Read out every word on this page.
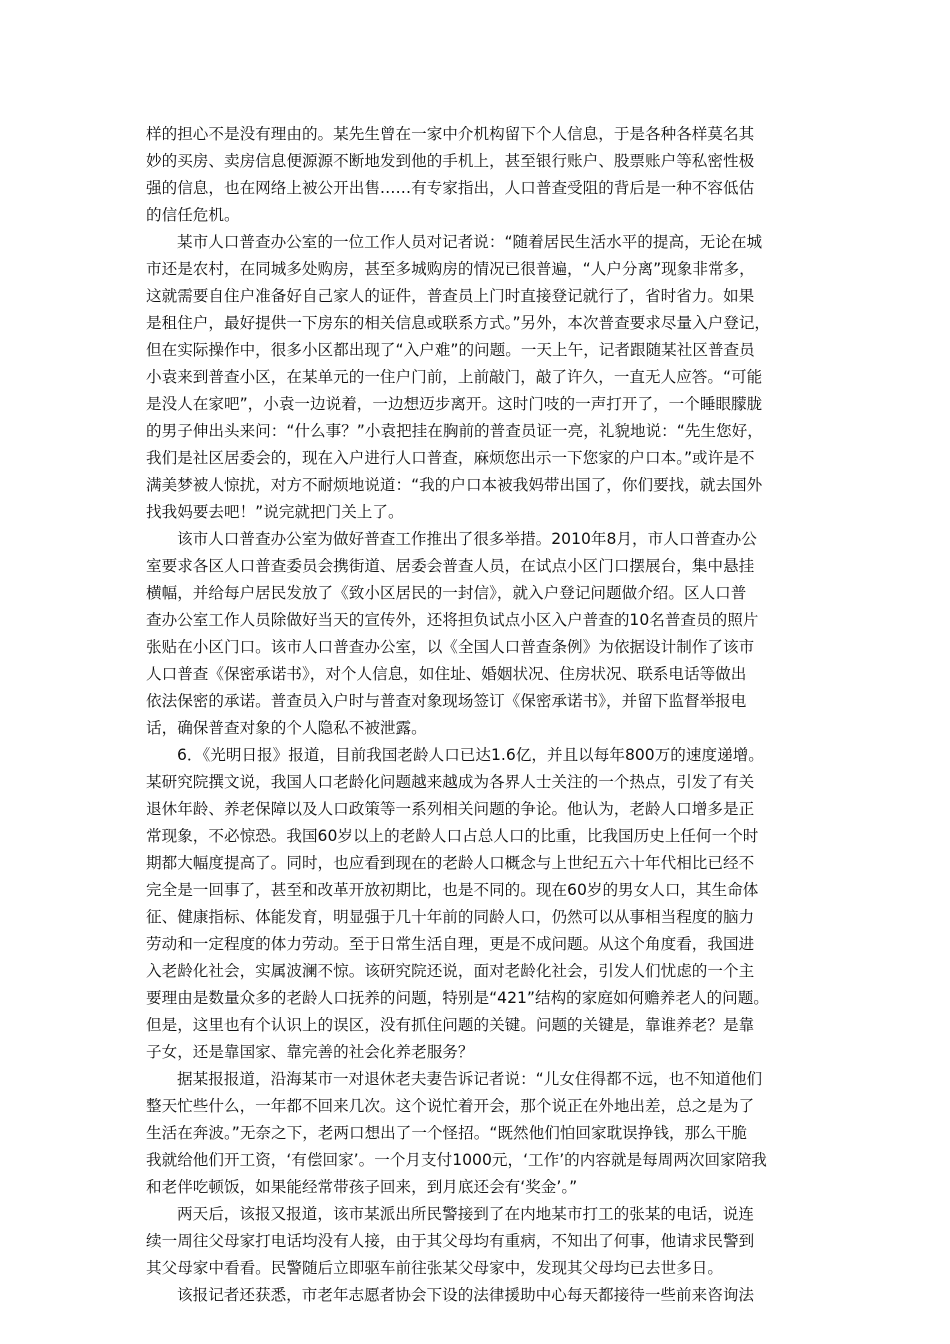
样的担心不是没有理由的。某先生曾在一家中介机构留下个人信息，于是各种各样莫名其
妙的买房、卖房信息便源源不断地发到他的手机上，甚至银行账户、股票账户等私密性极
强的信息，也在网络上被公开出售……有专家指出，人口普查受阻的背后是一种不容低估
的信任危机。
某市人口普查办公室的一位工作人员对记者说：“随着居民生活水平的提高，无论在城
市还是农村，在同城多处购房，甚至多城购房的情况已很普遍，“人户分离”现象非常多，
这就需要自住户准备好自己家人的证件，普查员上门时直接登记就行了，省时省力。如果
是租住户，最好提供一下房东的相关信息或联系方式。”另外，本次普查要求尽量入户登记，
但在实际操作中，很多小区都出现了“入户难”的问题。一天上午，记者跟随某社区普查员
小袁来到普查小区，在某单元的一住户门前，上前敲门，敲了许久，一直无人应答。“可能
是没人在家吧”，小袁一边说着，一边想迈步离开。这时门吱的一声打开了，一个睡眼朦胧
的男子伸出头来问：“什么事？”小袁把挂在胸前的普查员证一亮，礼貌地说：“先生您好，
我们是社区居委会的，现在入户进行人口普查，麻烦您出示一下您家的户口本。”或许是不
满美梦被人惊扰，对方不耐烦地说道：“我的户口本被我妈带出国了，你们要找，就去国外
找我妈要去吧！”说完就把门关上了。
该市人口普查办公室为做好普查工作推出了很多举措。2010年8月，市人口普查办公
室要求各区人口普查委员会携街道、居委会普查人员，在试点小区门口摆展台，集中悬挂
横幅，并给每户居民发放了《致小区居民的一封信》，就入户登记问题做介绍。区人口普
查办公室工作人员除做好当天的宣传外，还将担负试点小区入户普查的10名普查员的照片
张贴在小区门口。该市人口普查办公室，以《全国人口普查条例》为依据设计制作了该市
人口普查《保密承诺书》，对个人信息，如住址、婚姻状况、住房状况、联系电话等做出
依法保密的承诺。普查员入户时与普查对象现场签订《保密承诺书》，并留下监督举报电
话，确保普查对象的个人隐私不被泄露。
6．《光明日报》报道，目前我国老龄人口已达1.6亿，并且以每年800万的速度递增。
某研究院撰文说，我国人口老龄化问题越来越成为各界人士关注的一个热点，引发了有关
退休年龄、养老保障以及人口政策等一系列相关问题的争论。他认为，老龄人口增多是正
常现象，不必惊恐。我国60岁以上的老龄人口占总人口的比重，比我国历史上任何一个时
期都大幅度提高了。同时，也应看到现在的老龄人口概念与上世纪五六十年代相比已经不
完全是一回事了，甚至和改革开放初期比，也是不同的。现在60岁的男女人口，其生命体
征、健康指标、体能发育，明显强于几十年前的同龄人口，仍然可以从事相当程度的脑力
劳动和一定程度的体力劳动。至于日常生活自理，更是不成问题。从这个角度看，我国进
入老龄化社会，实属波澜不惊。该研究院还说，面对老龄化社会，引发人们忧虑的一个主
要理由是数量众多的老龄人口抚养的问题，特别是“421”结构的家庭如何赡养老人的问题。
但是，这里也有个认识上的误区，没有抓住问题的关键。问题的关键是，靠谁养老？是靠
子女，还是靠国家、靠完善的社会化养老服务？
据某报报道，沿海某市一对退休老夫妻告诉记者说：“儿女住得都不远，也不知道他们
整天忙些什么，一年都不回来几次。这个说忙着开会，那个说正在外地出差，总之是为了
生活在奔波。”无奈之下，老两口想出了一个怪招。“既然他们怕回家耽误挣钱，那么干脆
我就给他们开工资，‘有偿回家’。一个月支付1000元，‘工作’的内容就是每周两次回家陪我
和老伴吃顿饭，如果能经常带孩子回来，到月底还会有‘奖金’。”
两天后，该报又报道，该市某派出所民警接到了在内地某市打工的张某的电话，说连
续一周往父母家打电话均没有人接，由于其父母均有重病，不知出了何事，他请求民警到
其父母家中看看。民警随后立即驱车前往张某父母家中，发现其父母均已去世多日。
该报记者还获悉，市老年志愿者协会下设的法律援助中心每天都接待一些前来咨询法
